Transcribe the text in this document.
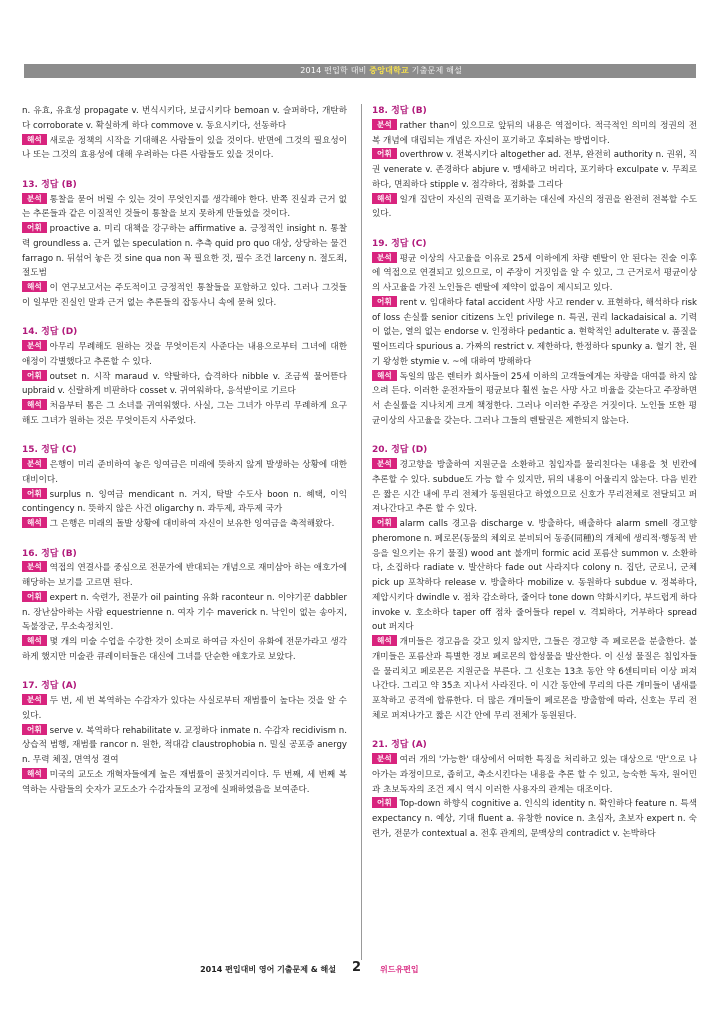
2014 편입학 대비 중앙대학교 기출문제 해설
n. 유효, 유효성 propagate v. 번식시키다, 보급시키다 bemoan v. 슬퍼하다, 개탄하다 corroborate v. 확실하게 하다 commove v. 동요시키다, 선동하다
해석 새로운 정책의 시작을 기대해온 사람들이 있을 것이다. 반면에 그것의 필요성이나 또는 그것의 효용성에 대해 우려하는 다른 사람들도 있을 것이다.
13. 정답 (B)
분석 통찰을 묻어 버릴 수 있는 것이 무엇인지를 생각해야 한다. 반쪽 진실과 근거 없는 추론들과 같은 이질적인 것들이 통찰을 보지 못하게 만들었을 것이다.
어휘 proactive a. 미리 대책을 강구하는 affirmative a. 긍정적인 insight n. 통찰력 groundless a. 근거 없는 speculation n. 추측 quid pro quo 대상, 상당하는 물건 farrago n. 뒤섞어 놓은 것 sine qua non 꼭 필요한 것, 필수 조건 larceny n. 절도죄, 절도범
해석 이 연구보고서는 주도적이고 긍정적인 통찰들을 포함하고 있다. 그러나 그것들이 일부만 진실인 말과 근거 없는 추론들의 잡동사니 속에 묻혀 있다.
14. 정답 (D)
분석 아무리 무례해도 원하는 것을 무엇이든지 사준다는 내용으로부터 그녀에 대한 애정이 각별했다고 추론할 수 있다.
어휘 outset n. 시작 maraud v. 약탈하다, 습격하다 nibble v. 조금씩 물어뜯다 upbraid v. 신랄하게 비판하다 cosset v. 귀여워하다, 응석받이로 기르다
해석 처음부터 톰은 그 소녀를 귀여워했다. 사실, 그는 그녀가 아무리 무례하게 요구해도 그녀가 원하는 것은 무엇이든지 사주었다.
15. 정답 (C)
분석 은행이 미리 준비하여 놓은 잉여금은 미래에 뜻하지 않게 발생하는 상황에 대한 대비이다.
어휘 surplus n. 잉여금 mendicant n. 거지, 탁발 수도사 boon n. 혜택, 이익 contingency n. 뜻하지 않은 사건 oligarchy n. 과두제, 과두제 국가
해석 그 은행은 미래의 돌발 상황에 대비하여 자신이 보유한 잉여금을 축적해왔다.
16. 정답 (B)
분석 역접의 연결사를 중심으로 전문가에 반대되는 개념으로 재미삼아 하는 애호가에 해당하는 보기를 고르면 된다.
어휘 expert n. 숙련가, 전문가 oil painting 유화 raconteur n. 이야기꾼 dabbler n. 장난삼아하는 사람 equestrienne n. 여자 기수 maverick n. 낙인이 없는 송아지, 독불장군, 무소속정치인.
해석 몇 개의 미술 수업을 수강한 것이 소피로 하여금 자신이 유화에 전문가라고 생각하게 했지만 미술관 큐레이터들은 대신에 그녀를 단순한 애호가로 보았다.
17. 정답 (A)
분석 두 번, 세 번 복역하는 수감자가 있다는 사실로부터 재범률이 높다는 것을 알 수 있다.
어휘 serve v. 복역하다 rehabilitate v. 교정하다 inmate n. 수감자 recidivism n. 상습적 범행, 재범률 rancor n. 원한, 적대감 claustrophobia n. 밀실 공포증 anergy n. 무력 체질, 면역성 결여
해석 미국의 교도소 개혁자들에게 높은 재범률이 골칫거리이다. 두 번째, 세 번째 복역하는 사람들의 숫자가 교도소가 수감자들의 교정에 실패하였음을 보여준다.
18. 정답 (B)
분석 rather than이 있으므로 앞뒤의 내용은 역접이다. 적극적인 의미의 정권의 전복 개념에 대립되는 개념은 자신이 포기하고 후퇴하는 방법이다.
어휘 overthrow v. 전복시키다 altogether ad. 전부, 완전히 authority n. 권위, 직권 venerate v. 존경하다 abjure v. 맹세하고 버리다, 포기하다 exculpate v. 무죄로 하다, 면죄하다 stipple v. 점각하다, 점화를 그리다
해석 일개 집단이 자신의 권력을 포기하는 대신에 자신의 정권을 완전히 전복할 수도 있다.
19. 정답 (C)
분석 평균 이상의 사고율을 이유로 25세 이하에게 차량 렌탈이 안 된다는 진술 이후에 역접으로 연결되고 있으므로, 이 주장이 거짓임을 알 수 있고, 그 근거로서 평균이상의 사고율을 가진 노인들은 렌탈에 제약이 없음이 제시되고 있다.
어휘 rent v. 임대하다 fatal accident 사망 사고 render v. 표현하다, 해석하다 risk of loss 손실률 senior citizens 노인 privilege n. 특권, 권리 lackadaisical a. 기력이 없는, 열의 없는 endorse v. 인정하다 pedantic a. 현학적인 adulterate v. 품질을 떨어뜨리다 spurious a. 가짜의 restrict v. 제한하다, 한정하다 spunky a. 혈기 찬, 원기 왕성한 stymie v. ~에 대하여 방해하다
해석 독일의 많은 렌터카 회사들이 25세 이하의 고객들에게는 차량을 대여를 하지 않으려 든다. 이러한 운전자들이 평균보다 훨씬 높은 사망 사고 비율을 갖는다고 주장하면서 손실률을 지나치게 크게 책정한다. 그러나 이러한 주장은 거짓이다. 노인들 또한 평균이상의 사고율을 갖는다. 그러나 그들의 렌탈권은 제한되지 않는다.
20. 정답 (D)
분석 경고향을 방출하여 지원군을 소환하고 침입자를 물리친다는 내용을 첫 빈칸에 추론할 수 있다. subdue도 가능 할 수 있지만, 뒤의 내용이 어울리지 않는다. 다음 빈칸은 짧은 시간 내에 무리 전체가 동원된다고 하였으므로 신호가 무리전체로 전달되고 퍼져나간다고 추론 할 수 있다.
어휘 alarm calls 경고음 discharge v. 방출하다, 배출하다 alarm smell 경고향 pheromone n. 페로몬(동물의 체외로 분비되어 동종(同種)의 개체에 생리적·행동적 반응을 일으키는 유기 물질) wood ant 불개미 formic acid 포름산 summon v. 소환하다, 소집하다 radiate v. 발산하다 fade out 사라지다 colony n. 집단, 군로니, 군체 pick up 포착하다 release v. 방출하다 mobilize v. 동원하다 subdue v. 정복하다, 제압시키다 dwindle v. 점차 감소하다, 줄어다 tone down 약화시키다, 부드럽게 하다 invoke v. 호소하다 taper off 점차 줄어들다 repel v. 격퇴하다, 거부하다 spread out 퍼지다
해석 개미들은 경고음을 갖고 있지 않지만, 그들은 경고향 즉 페로몬을 분출한다. 불개미들은 포름산과 특별한 경보 페로몬의 합성물을 발산한다. 이 신성 물질은 침입자들을 물리치고 페로몬은 지원군을 부른다. 그 신호는 13초 동안 약 6센티미터 이상 퍼져나간다. 그리고 약 35초 지나서 사라진다. 이 시간 동안에 무리의 다른 개미들이 냄새를 포착하고 공격에 합류한다. 더 많은 개미들이 페로몬을 방출함에 따라, 신호는 무리 전체로 퍼져나가고 짧은 시간 안에 무리 전체가 동원된다.
21. 정답 (A)
분석 여러 개의 '가능한' 대상에서 어떠한 특징을 처리하고 있는 대상으로 '만'으로 나아가는 과정이므로, 좁히고, 축소시킨다는 내용을 추론 할 수 있고, 능숙한 독자, 원어민과 초보독자의 조건 제시 역시 이러한 사용자의 관계는 대조이다.
어휘 Top-down 하향식 cognitive a. 인식의 identity n. 확인하다 feature n. 특색 expectancy n. 예상, 기대 fluent a. 유창한 novice n. 초심자, 초보자 expert n. 숙련가, 전문가 contextual a. 전후 관계의, 문맥상의 contradict v. 논박하다
2014 편입대비 영어 기출문제 & 해설 2 위드유편입
